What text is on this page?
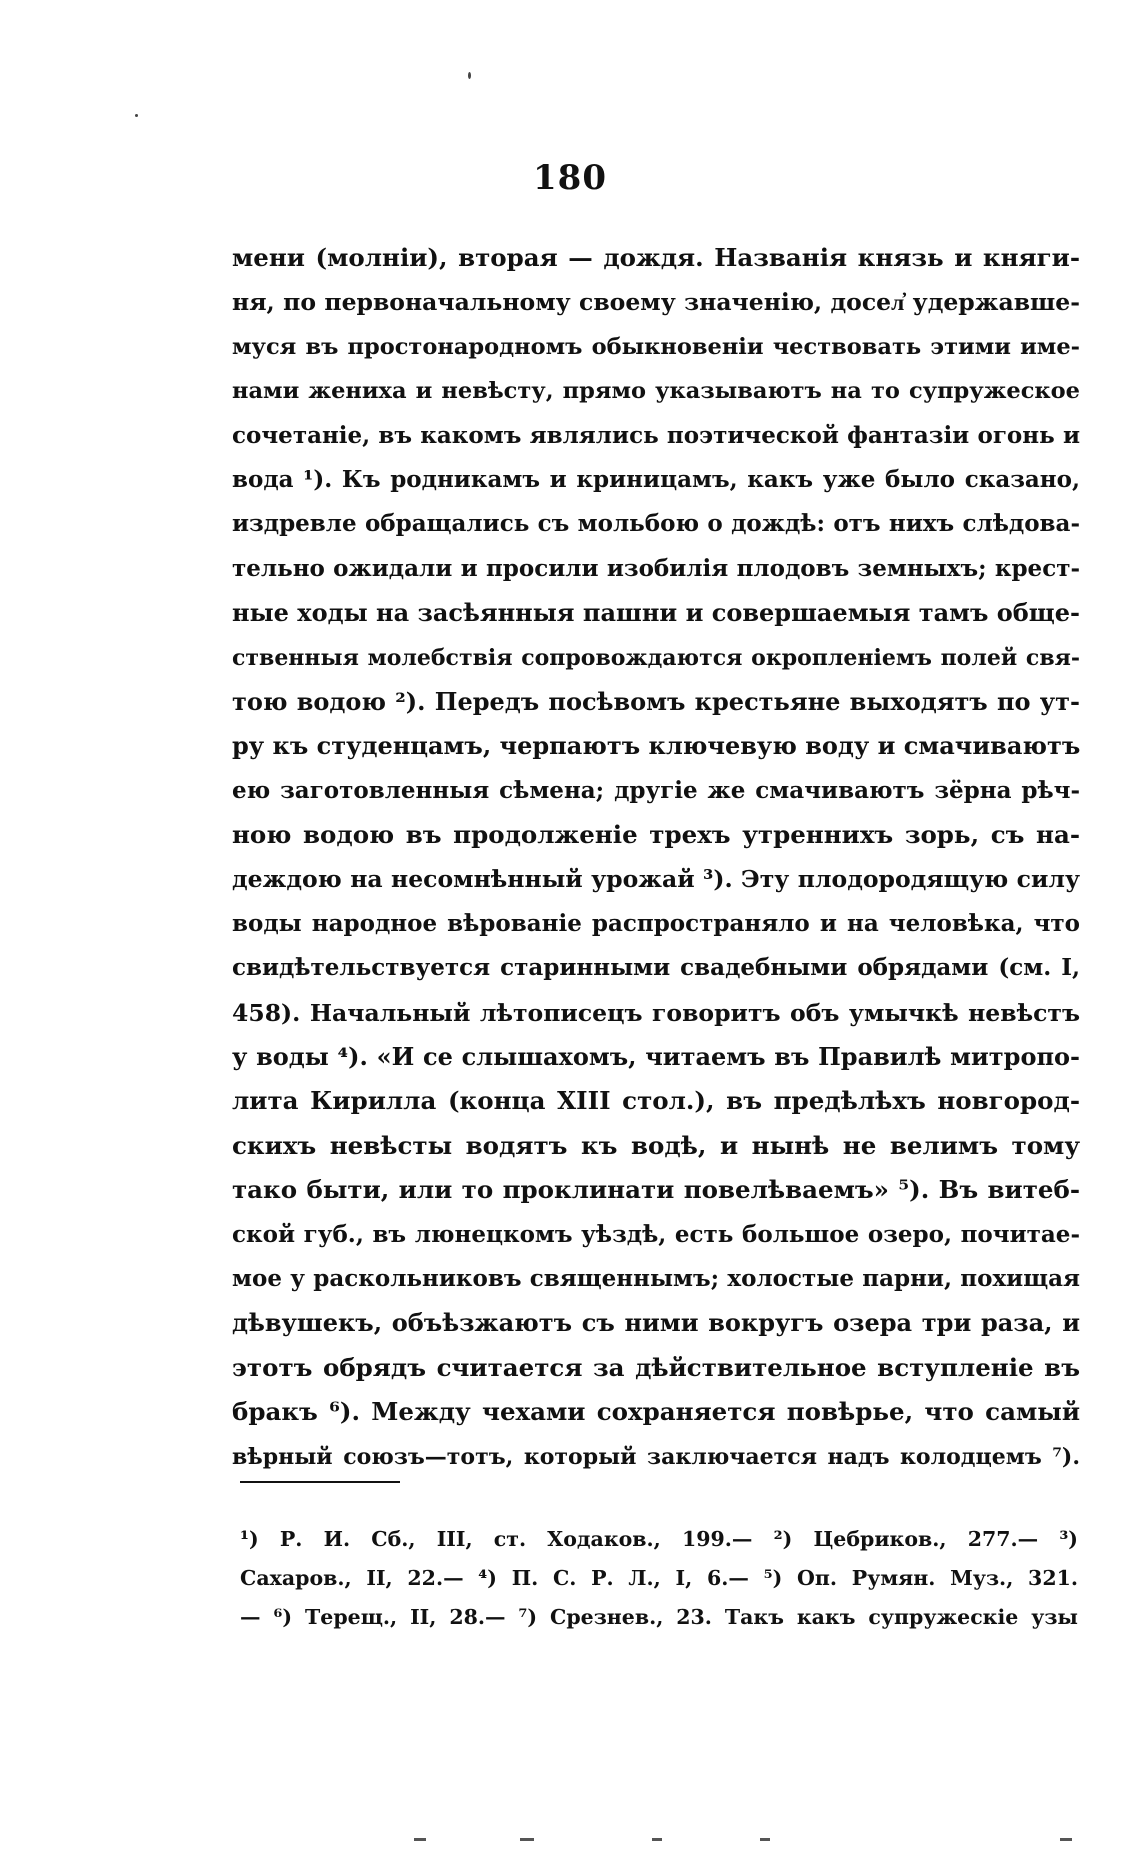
180
мени (молніи), вторая — дождя. Названія князь и княги-
ня, по первоначальному своему значенію, досел҆ удержавше-
муся въ простонародномъ обыкновеніи чествовать этими име-
нами жениха и невѣсту, прямо указываютъ на то супружеское
сочетаніе, въ какомъ являлись поэтической фантазіи огонь и
вода ¹). Къ родникамъ и криницамъ, какъ уже было сказано,
издревле обращались съ мольбою о дождѣ: отъ нихъ слѣдова-
тельно ожидали и просили изобилія плодовъ земныхъ; крест-
ные ходы на засѣянныя пашни и совершаемыя тамъ обще-
ственныя молебствія сопровождаются окропленіемъ полей свя-
тою водою ²). Передъ посѣвомъ крестьяне выходятъ по ут-
ру къ студенцамъ, черпаютъ ключевую воду и смачиваютъ
ею заготовленныя сѣмена; другіе же смачиваютъ зёрна рѣч-
ною водою въ продолженіе трехъ утреннихъ зорь, съ на-
деждою на несомнѣнный урожай ³). Эту плодородящую силу
воды народное вѣрованіе распространяло и на человѣка, что
свидѣтельствуется старинными свадебными обрядами (см. I,
458). Начальный лѣтописецъ говоритъ объ умычкѣ невѣстъ
у воды ⁴). «И се слышахомъ, читаемъ въ Правилѣ митропо-
лита Кирилла (конца XIII стол.), въ предѣлѣхъ новгород-
скихъ невѣсты водятъ къ водѣ, и нынѣ не велимъ тому
тако быти, или то проклинати повелѣваемъ» ⁵). Въ витеб-
ской губ., въ люнецкомъ уѣздѣ, есть большое озеро, почитае-
мое у раскольниковъ священнымъ; холостые парни, похищая
дѣвушекъ, объѣзжаютъ съ ними вокругъ озера три раза, и
этотъ обрядъ считается за дѣйствительное вступленіе въ
бракъ ⁶). Между чехами сохраняется повѣрье, что самый
вѣрный союзъ—тотъ, который заключается надъ колодцемъ ⁷).
¹) Р. И. Сб., III, ст. Ходаков., 199.— ²) Цебриков., 277.— ³)
Сахаров., II, 22.— ⁴) П. С. Р. Л., I, 6.— ⁵) Оп. Румян. Муз., 321.
— ⁶) Терещ., II, 28.— ⁷) Срезнев., 23. Такъ какъ супружескіе узы
